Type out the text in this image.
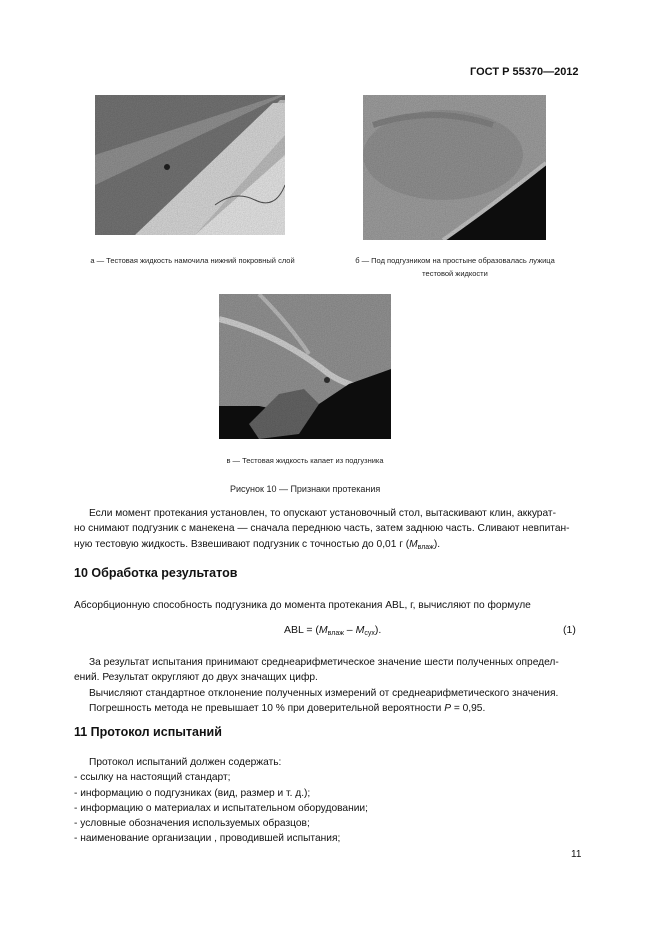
ГОСТ Р 55370—2012
а — Тестовая жидкость намочила нижний покровный слой	б — Под подгузником на простыне образовалась лужица
тестовой жидкости
в — Тестовая жидкость капает из подгузника
Рисунок 10 — Признаки протекания

Если момент протекания установлен, то опускают установочный стол, вытаскивают клин, аккурат-

но снимают подгузник с манекена — сначала переднюю часть, затем заднюю часть. Сливают невпитан-

ную тестовую жидкость. Взвешивают подгузник с точностью до 0,01 г $(M_{влаж})$.

10 Обработка результатов
Абсорбционную способность подгузника до момента протекания ABL, г, вычисляют по формуле
ABL = $(M_{влаж} - M_{сух})$.	(1)

За результат испытания принимают среднеарифметическое значение шести полученных определ-

ений. Результат округляют до двух значащих цифр.

Вычисляют стандартное отклонение полученных измерений от среднеарифметического значения.

Погрешность метода не превышает 10 % при доверительной вероятности P = 0,95.

11 Протокол испытаний
Протокол испытаний должен содержать:
- ссылку на настоящий стандарт;
- информацию о подгузниках (вид, размер и т. д.);
- информацию о материалах и испытательном оборудовании;
- условные обозначения используемых образцов;
- наименование организации , проводившей испытания;
11
